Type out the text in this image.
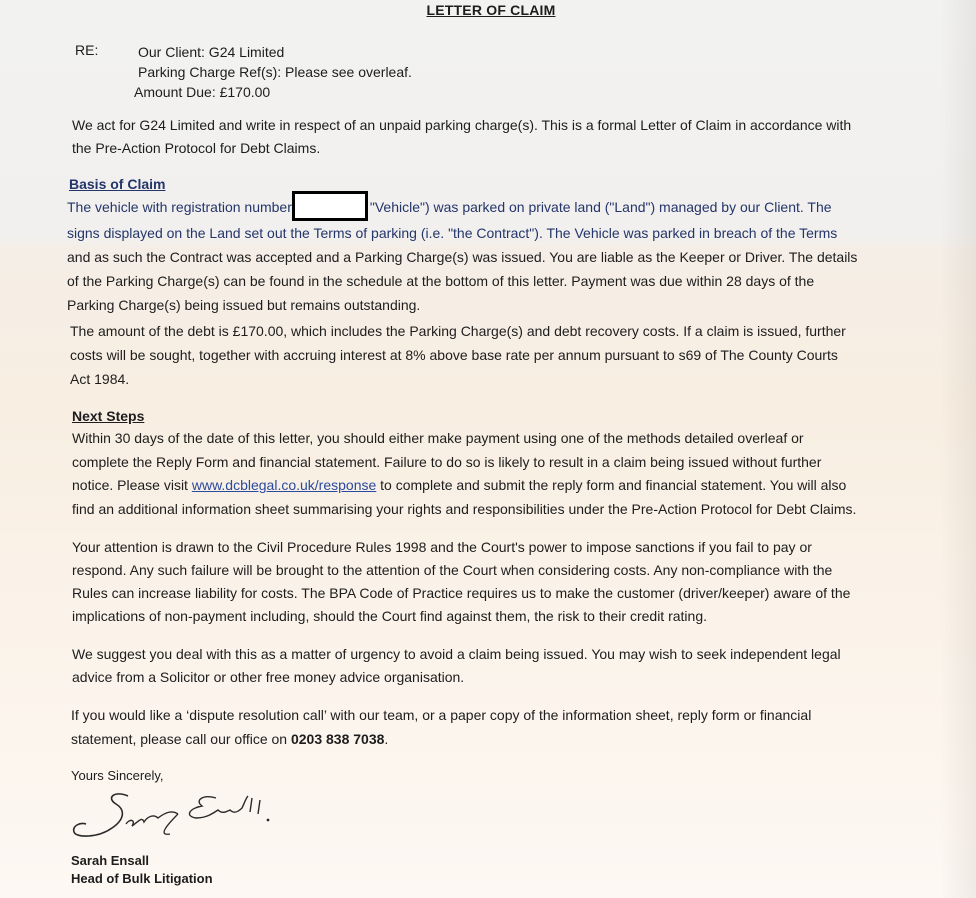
LETTER OF CLAIM
RE:	Our Client: G24 Limited
Parking Charge Ref(s): Please see overleaf.
Amount Due: £170.00
We act for G24 Limited and write in respect of an unpaid parking charge(s). This is a formal Letter of Claim in accordance with
the Pre-Action Protocol for Debt Claims.
Basis of Claim
The vehicle with registration number	"Vehicle") was parked on private land ("Land") managed by our Client. The
signs displayed on the Land set out the Terms of parking (i.e. "the Contract"). The Vehicle was parked in breach of the Terms
and as such the Contract was accepted and a Parking Charge(s) was issued. You are liable as the Keeper or Driver. The details
of the Parking Charge(s) can be found in the schedule at the bottom of this letter. Payment was due within 28 days of the
Parking Charge(s) being issued but remains outstanding.
The amount of the debt is £170.00, which includes the Parking Charge(s) and debt recovery costs. If a claim is issued, further
costs will be sought, together with accruing interest at 8% above base rate per annum pursuant to s69 of The County Courts
Act 1984.
Next Steps
Within 30 days of the date of this letter, you should either make payment using one of the methods detailed overleaf or
complete the Reply Form and financial statement. Failure to do so is likely to result in a claim being issued without further
notice. Please visit www.dcblegal.co.uk/response to complete and submit the reply form and financial statement. You will also
find an additional information sheet summarising your rights and responsibilities under the Pre-Action Protocol for Debt Claims.
Your attention is drawn to the Civil Procedure Rules 1998 and the Court's power to impose sanctions if you fail to pay or
respond. Any such failure will be brought to the attention of the Court when considering costs. Any non-compliance with the
Rules can increase liability for costs. The BPA Code of Practice requires us to make the customer (driver/keeper) aware of the
implications of non-payment including, should the Court find against them, the risk to their credit rating.
We suggest you deal with this as a matter of urgency to avoid a claim being issued. You may wish to seek independent legal
advice from a Solicitor or other free money advice organisation.
If you would like a ‘dispute resolution call’ with our team, or a paper copy of the information sheet, reply form or financial
statement, please call our office on 0203 838 7038.
Yours Sincerely,
Sarah Ensall
Head of Bulk Litigation
